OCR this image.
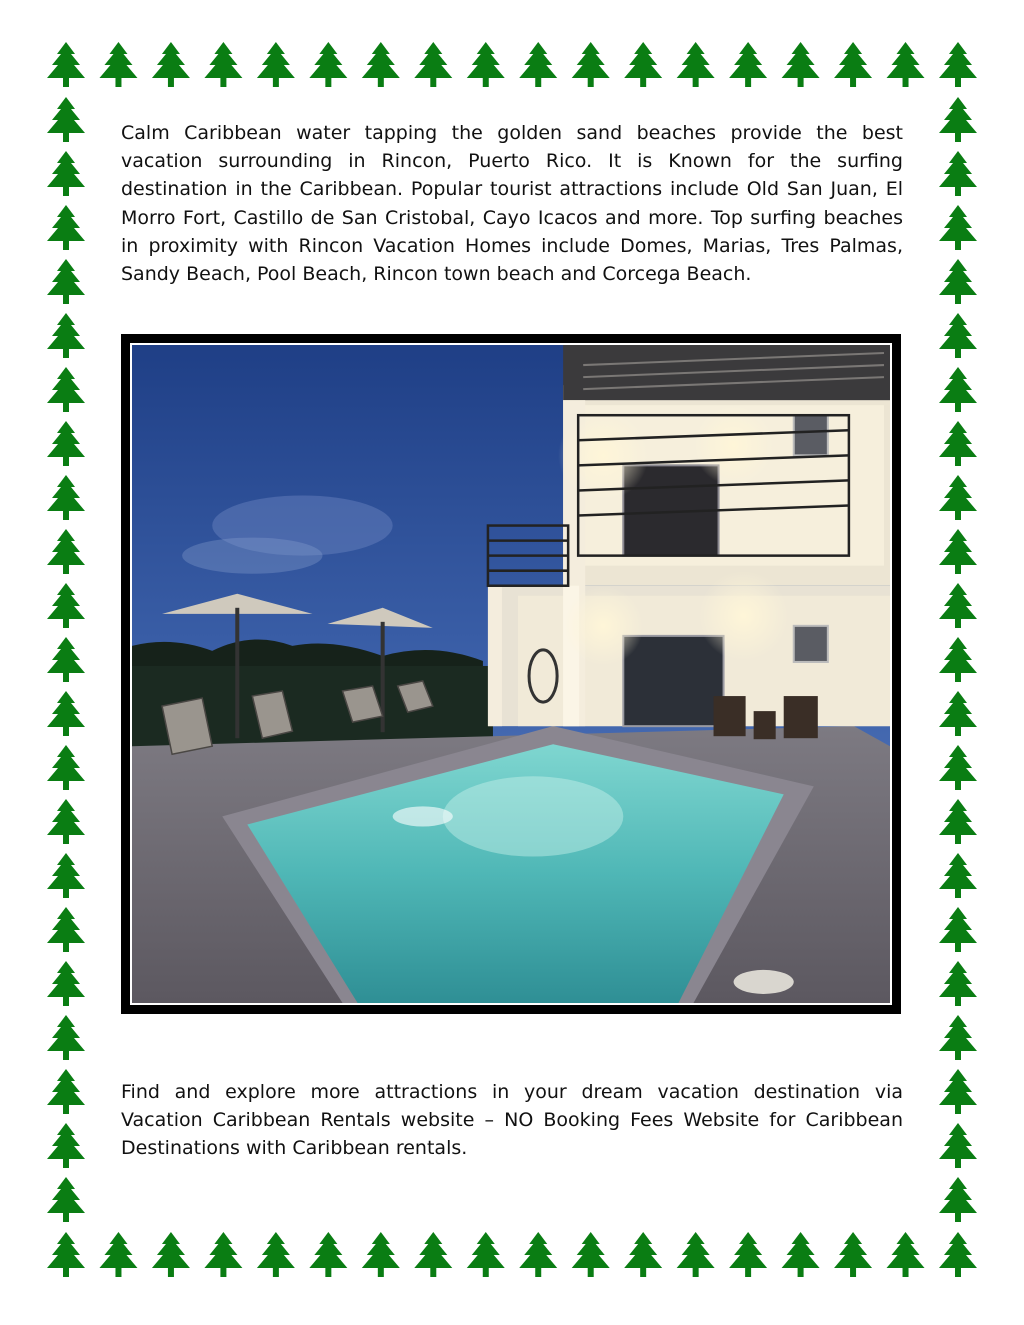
Calm Caribbean water tapping the golden sand beaches provide the best vacation surrounding in Rincon, Puerto Rico. It is Known for the surfing destination in the Caribbean. Popular tourist attractions include Old San Juan, El Morro Fort, Castillo de San Cristobal, Cayo Icacos and more. Top surfing beaches in proximity with Rincon Vacation Homes include Domes, Marias, Tres Palmas, Sandy Beach, Pool Beach, Rincon town beach and Corcega Beach.

Find and explore more attractions in your dream vacation destination via Vacation Caribbean Rentals website – NO Booking Fees Website for Caribbean Destinations with Caribbean rentals.
